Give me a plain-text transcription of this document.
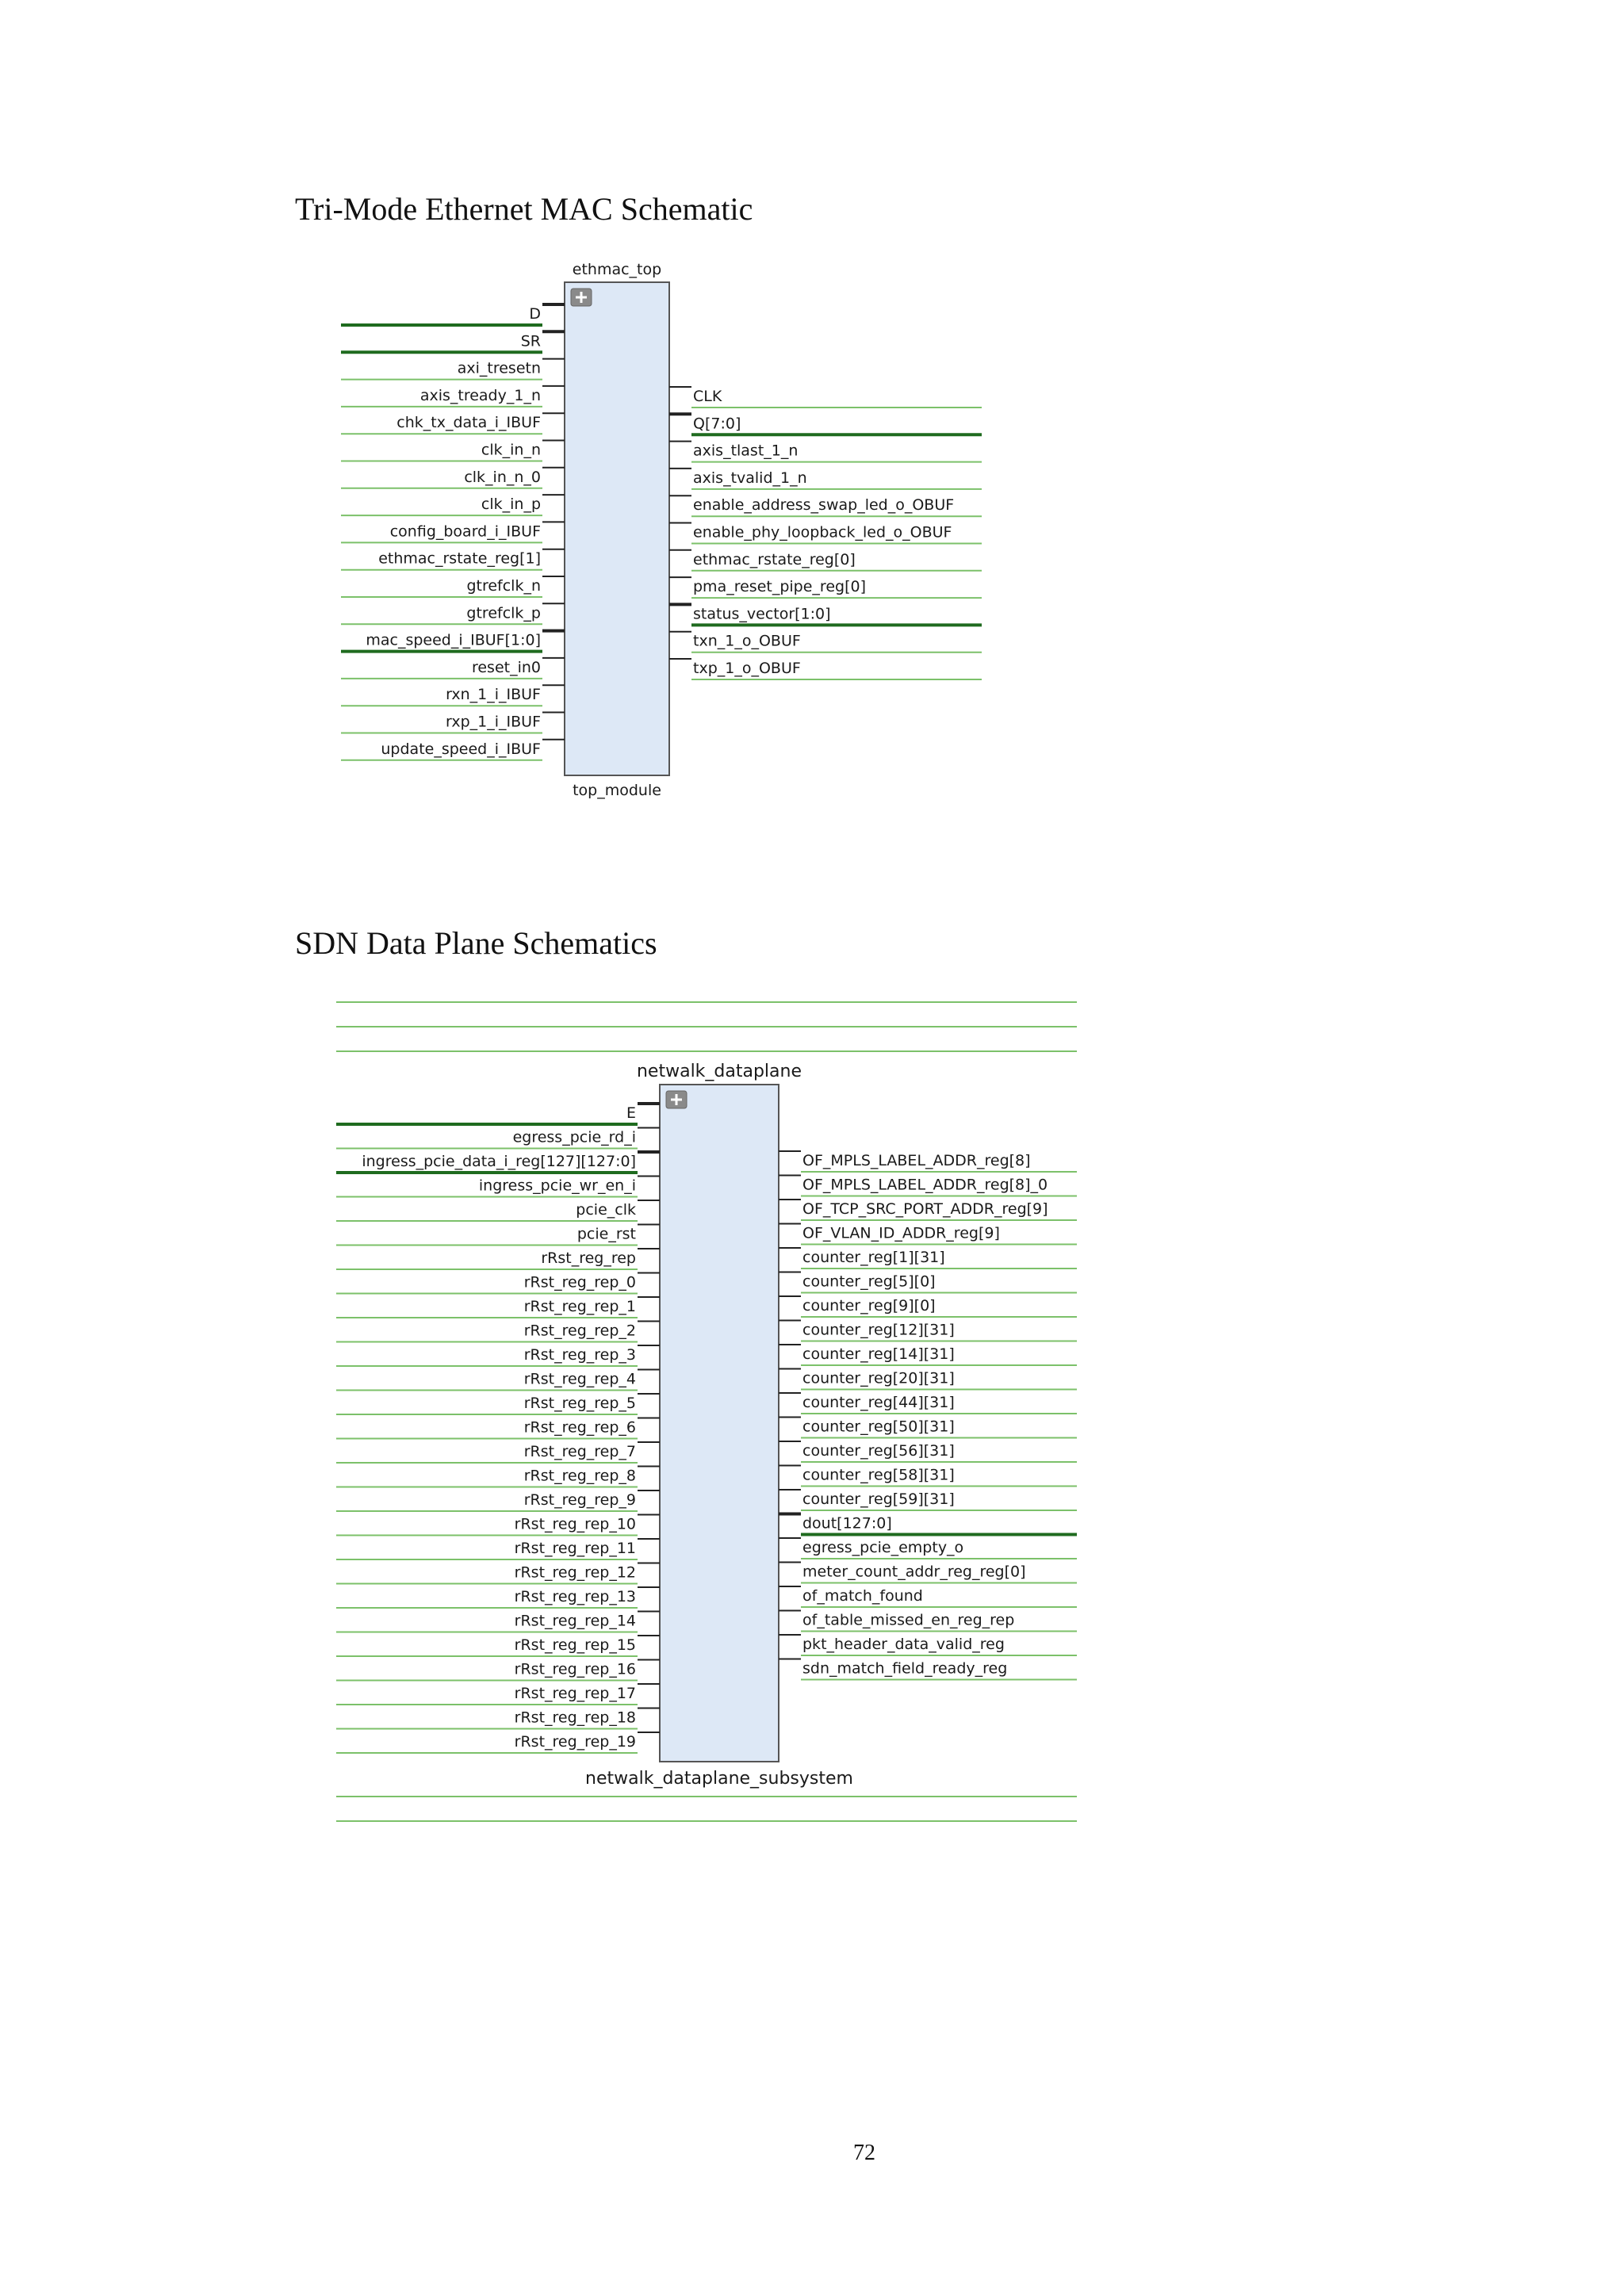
Tri-Mode Ethernet MAC Schematic
SDN Data Plane Schematics
ethmac_top
top_module
D
SR
axi_tresetn
axis_tready_1_n
chk_tx_data_i_IBUF
clk_in_n
clk_in_n_0
clk_in_p
config_board_i_IBUF
ethmac_rstate_reg[1]
gtrefclk_n
gtrefclk_p
mac_speed_i_IBUF[1:0]
reset_in0
rxn_1_i_IBUF
rxp_1_i_IBUF
update_speed_i_IBUF
CLK
Q[7:0]
axis_tlast_1_n
axis_tvalid_1_n
enable_address_swap_led_o_OBUF
enable_phy_loopback_led_o_OBUF
ethmac_rstate_reg[0]
pma_reset_pipe_reg[0]
status_vector[1:0]
txn_1_o_OBUF
txp_1_o_OBUF
netwalk_dataplane
netwalk_dataplane_subsystem
E
egress_pcie_rd_i
ingress_pcie_data_i_reg[127][127:0]
ingress_pcie_wr_en_i
pcie_clk
pcie_rst
rRst_reg_rep
rRst_reg_rep_0
rRst_reg_rep_1
rRst_reg_rep_2
rRst_reg_rep_3
rRst_reg_rep_4
rRst_reg_rep_5
rRst_reg_rep_6
rRst_reg_rep_7
rRst_reg_rep_8
rRst_reg_rep_9
rRst_reg_rep_10
rRst_reg_rep_11
rRst_reg_rep_12
rRst_reg_rep_13
rRst_reg_rep_14
rRst_reg_rep_15
rRst_reg_rep_16
rRst_reg_rep_17
rRst_reg_rep_18
rRst_reg_rep_19
OF_MPLS_LABEL_ADDR_reg[8]
OF_MPLS_LABEL_ADDR_reg[8]_0
OF_TCP_SRC_PORT_ADDR_reg[9]
OF_VLAN_ID_ADDR_reg[9]
counter_reg[1][31]
counter_reg[5][0]
counter_reg[9][0]
counter_reg[12][31]
counter_reg[14][31]
counter_reg[20][31]
counter_reg[44][31]
counter_reg[50][31]
counter_reg[56][31]
counter_reg[58][31]
counter_reg[59][31]
dout[127:0]
egress_pcie_empty_o
meter_count_addr_reg_reg[0]
of_match_found
of_table_missed_en_reg_rep
pkt_header_data_valid_reg
sdn_match_field_ready_reg
72
